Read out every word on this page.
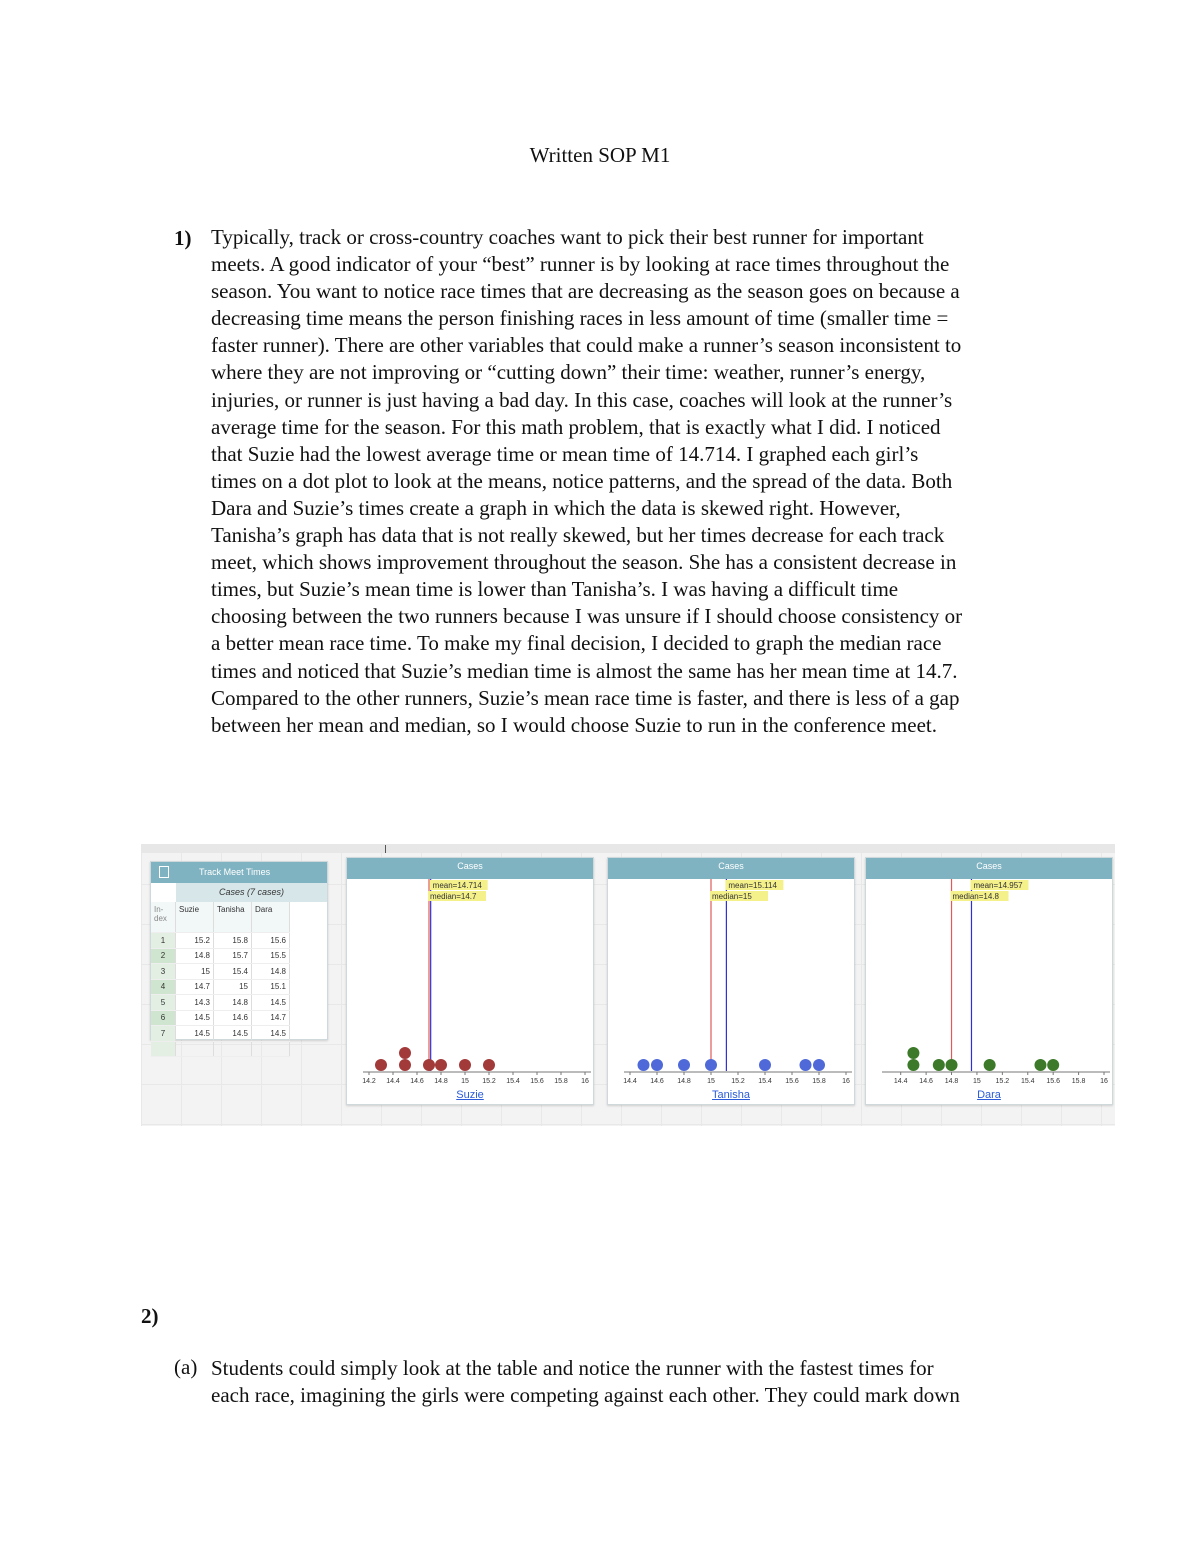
Written SOP M1
1) Typically, track or cross-country coaches want to pick their best runner for important
meets. A good indicator of your “best” runner is by looking at race times throughout the
season. You want to notice race times that are decreasing as the season goes on because a
decreasing time means the person finishing races in less amount of time (smaller time =
faster runner). There are other variables that could make a runner’s season inconsistent to
where they are not improving or “cutting down” their time: weather, runner’s energy,
injuries, or runner is just having a bad day. In this case, coaches will look at the runner’s
average time for the season. For this math problem, that is exactly what I did. I noticed
that Suzie had the lowest average time or mean time of 14.714. I graphed each girl’s
times on a dot plot to look at the means, notice patterns, and the spread of the data. Both
Dara and Suzie’s times create a graph in which the data is skewed right. However,
Tanisha’s graph has data that is not really skewed, but her times decrease for each track
meet, which shows improvement throughout the season. She has a consistent decrease in
times, but Suzie’s mean time is lower than Tanisha’s. I was having a difficult time
choosing between the two runners because I was unsure if I should choose consistency or
a better mean race time. To make my final decision, I decided to graph the median race
times and noticed that Suzie’s median time is almost the same has her mean time at 14.7.
Compared to the other runners, Suzie’s mean race time is faster, and there is less of a gap
between her mean and median, so I would choose Suzie to run in the conference meet.
Track Meet Times
Cases (7 cases)
In-
dex	Suzie	Tanisha	Dara
1	15.2	15.8	15.6
2	14.8	15.7	15.5
3	15	15.4	14.8
4	14.7	15	15.1
5	14.3	14.8	14.5
6	14.5	14.6	14.7
7	14.5	14.5	14.5

Cases
14.2 14.4 14.6 14.8 15 15.2 15.4 15.6 15.8 16
mean=14.714
median=14.7
Suzie
Cases
14.4 14.6 14.8 15 15.2 15.4 15.6 15.8 16
mean=15.114
median=15
Tanisha
Cases
14.4 14.6 14.8 15 15.2 15.4 15.6 15.8 16
mean=14.957
median=14.8
Dara
2)
(a) Students could simply look at the table and notice the runner with the fastest times for
each race, imagining the girls were competing against each other. They could mark down
